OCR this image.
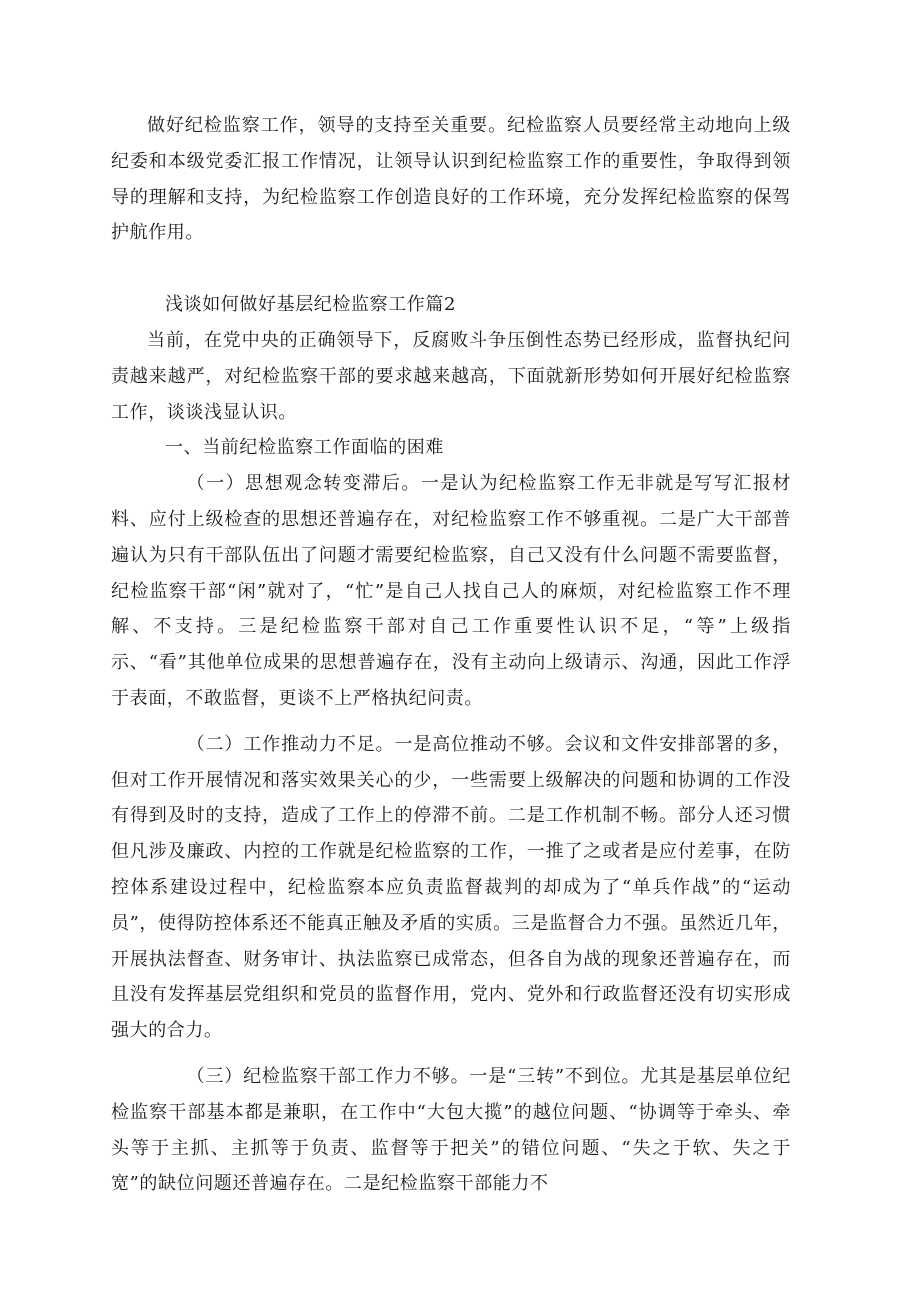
做好纪检监察工作，领导的支持至关重要。纪检监察人员要经常主动地向上级纪委和本级党委汇报工作情况，让领导认识到纪检监察工作的重要性，争取得到领导的理解和支持，为纪检监察工作创造良好的工作环境，充分发挥纪检监察的保驾护航作用。

浅谈如何做好基层纪检监察工作篇2

当前，在党中央的正确领导下，反腐败斗争压倒性态势已经形成，监督执纪问责越来越严，对纪检监察干部的要求越来越高，下面就新形势如何开展好纪检监察工作，谈谈浅显认识。

一、当前纪检监察工作面临的困难

（一）思想观念转变滞后。一是认为纪检监察工作无非就是写写汇报材料、应付上级检查的思想还普遍存在，对纪检监察工作不够重视。二是广大干部普遍认为只有干部队伍出了问题才需要纪检监察，自己又没有什么问题不需要监督，纪检监察干部“闲”就对了，“忙”是自己人找自己人的麻烦，对纪检监察工作不理解、不支持。三是纪检监察干部对自己工作重要性认识不足，“等”上级指示、“看”其他单位成果的思想普遍存在，没有主动向上级请示、沟通，因此工作浮于表面，不敢监督，更谈不上严格执纪问责。

（二）工作推动力不足。一是高位推动不够。会议和文件安排部署的多，但对工作开展情况和落实效果关心的少，一些需要上级解决的问题和协调的工作没有得到及时的支持，造成了工作上的停滞不前。二是工作机制不畅。部分人还习惯但凡涉及廉政、内控的工作就是纪检监察的工作，一推了之或者是应付差事，在防控体系建设过程中，纪检监察本应负责监督裁判的却成为了“单兵作战”的“运动员”，使得防控体系还不能真正触及矛盾的实质。三是监督合力不强。虽然近几年，开展执法督查、财务审计、执法监察已成常态，但各自为战的现象还普遍存在，而且没有发挥基层党组织和党员的监督作用，党内、党外和行政监督还没有切实形成强大的合力。

（三）纪检监察干部工作力不够。一是“三转”不到位。尤其是基层单位纪检监察干部基本都是兼职，在工作中“大包大揽”的越位问题、“协调等于牵头、牵头等于主抓、主抓等于负责、监督等于把关”的错位问题、“失之于软、失之于宽”的缺位问题还普遍存在。二是纪检监察干部能力不
